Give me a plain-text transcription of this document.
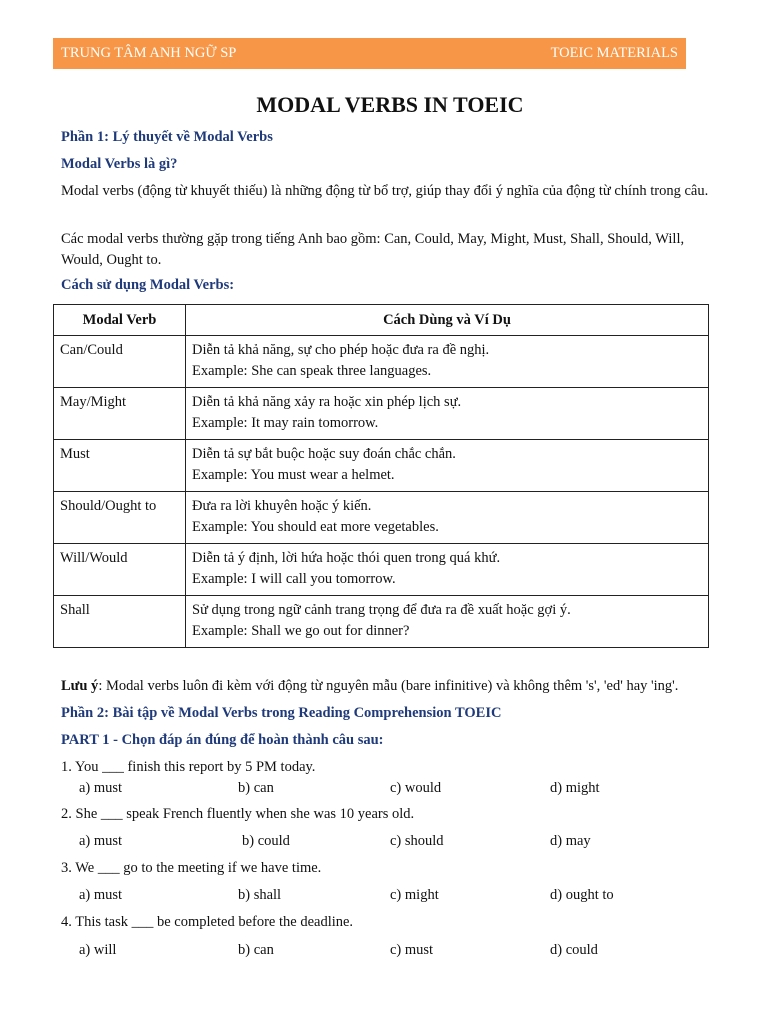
TRUNG TÂM ANH NGỮ SP	TOEIC MATERIALS
MODAL VERBS IN TOEIC
Phần 1: Lý thuyết về Modal Verbs
Modal Verbs là gì?
Modal verbs (động từ khuyết thiếu) là những động từ bổ trợ, giúp thay đổi ý nghĩa của động từ chính trong câu.
Các modal verbs thường gặp trong tiếng Anh bao gồm: Can, Could, May, Might, Must, Shall, Should, Will, Would, Ought to.
Cách sử dụng Modal Verbs:
Modal Verb	Cách Dùng và Ví Dụ
Can/Could	Diễn tả khả năng, sự cho phép hoặc đưa ra đề nghị.
Example: She can speak three languages.

May/Might	Diễn tả khả năng xảy ra hoặc xin phép lịch sự.
Example: It may rain tomorrow.

Must	Diễn tả sự bắt buộc hoặc suy đoán chắc chắn.
Example: You must wear a helmet.

Should/Ought to	Đưa ra lời khuyên hoặc ý kiến.
Example: You should eat more vegetables.

Will/Would	Diễn tả ý định, lời hứa hoặc thói quen trong quá khứ.
Example: I will call you tomorrow.

Shall	Sử dụng trong ngữ cảnh trang trọng để đưa ra đề xuất hoặc gợi ý.
Example: Shall we go out for dinner?
Lưu ý: Modal verbs luôn đi kèm với động từ nguyên mẫu (bare infinitive) và không thêm 's', 'ed' hay 'ing'.
Phần 2: Bài tập về Modal Verbs trong Reading Comprehension TOEIC
PART 1 - Chọn đáp án đúng để hoàn thành câu sau:
1. You ___ finish this report by 5 PM today.
a) must	b) can	c) would	d) might
2. She ___ speak French fluently when she was 10 years old.
a) must	b) could	c) should	d) may
3. We ___ go to the meeting if we have time.
a) must	b) shall	c) might	d) ought to
4. This task ___ be completed before the deadline.
a) will	b) can	c) must	d) could
